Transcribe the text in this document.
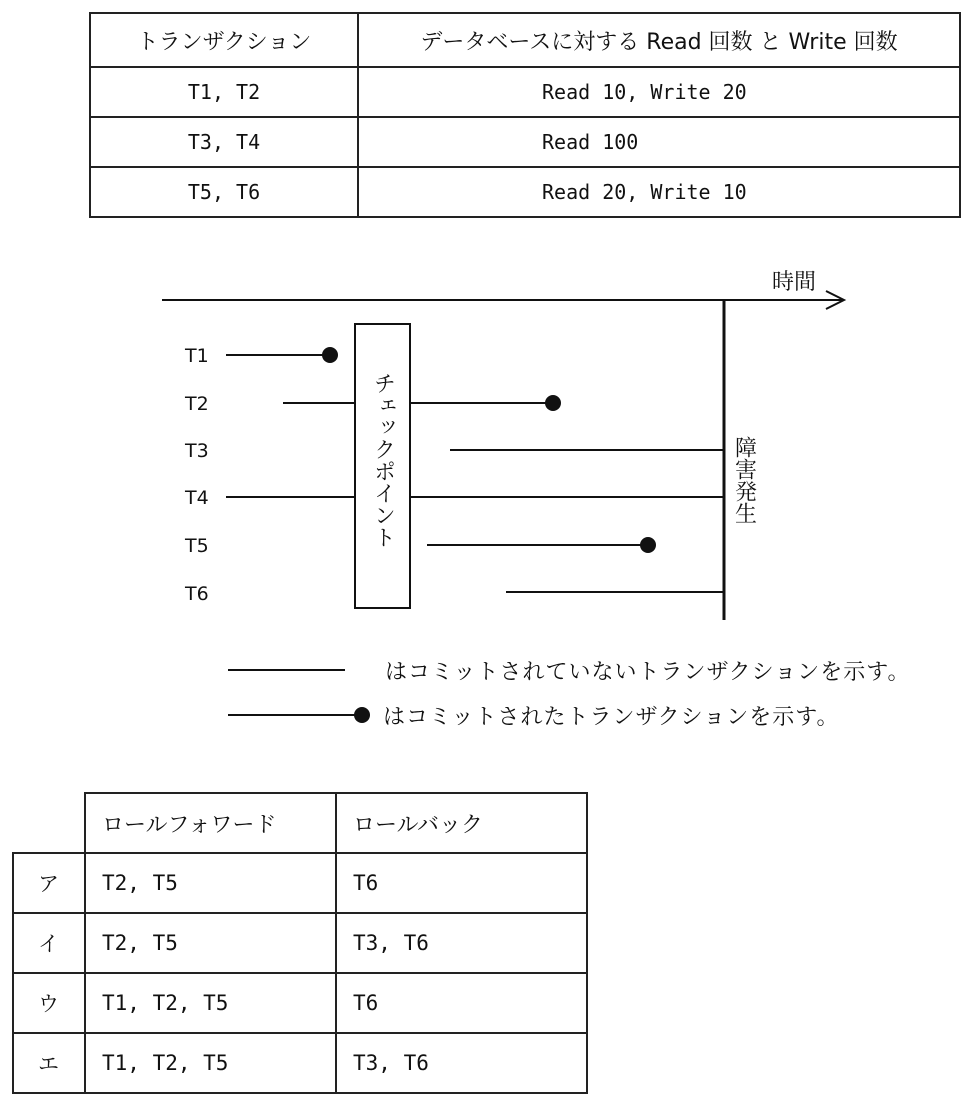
トランザクション	データベースに対する Read 回数 と Write 回数
T1, T2	Read 10, Write 20
T3, T4	Read 100
T5, T6	Read 20, Write 10
時間
障害発生
T1
T2
T3
T4
T5
T6
チェックポイント
はコミットされていないトランザクションを示す。
はコミットされたトランザクションを示す。
	ロールフォワード	ロールバック
ア	T2, T5	T6
イ	T2, T5	T3, T6
ウ	T1, T2, T5	T6
エ	T1, T2, T5	T3, T6
